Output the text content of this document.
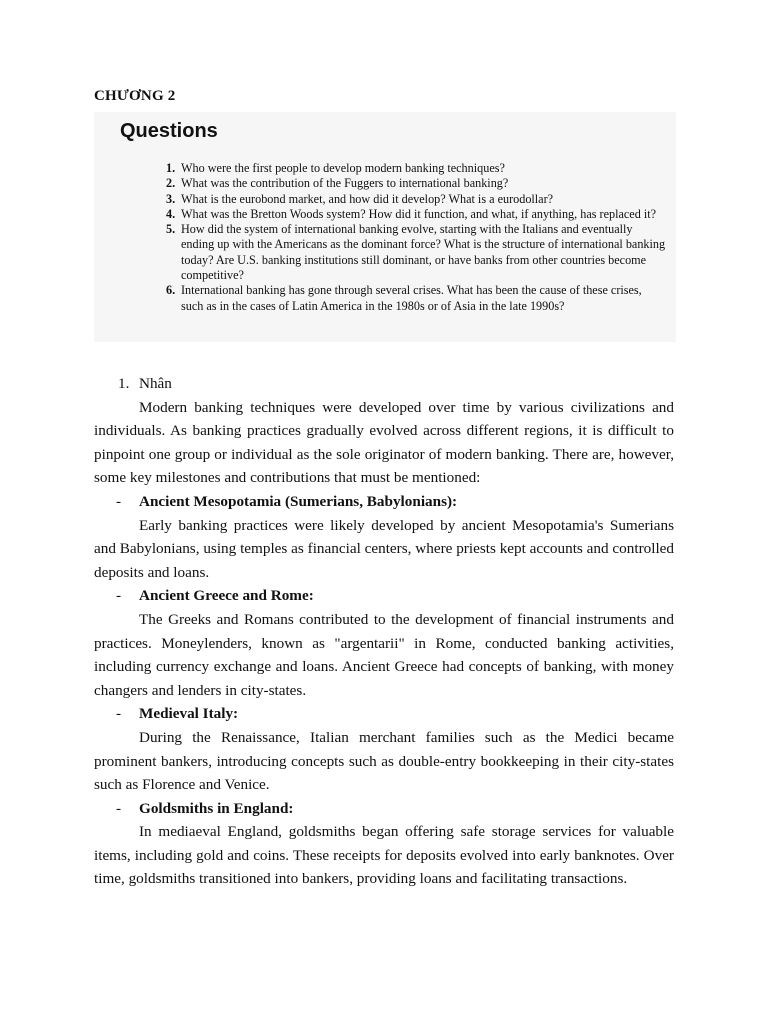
CHƯƠNG 2
Questions
1. Who were the first people to develop modern banking techniques?
2. What was the contribution of the Fuggers to international banking?
3. What is the eurobond market, and how did it develop? What is a eurodollar?
4. What was the Bretton Woods system? How did it function, and what, if anything, has replaced it?
5. How did the system of international banking evolve, starting with the Italians and eventually ending up with the Americans as the dominant force? What is the structure of international banking today? Are U.S. banking institutions still dominant, or have banks from other countries become competitive?
6. International banking has gone through several crises. What has been the cause of these crises, such as in the cases of Latin America in the 1980s or of Asia in the late 1990s?
1. Nhân

Modern banking techniques were developed over time by various civilizations and individuals. As banking practices gradually evolved across different regions, it is difficult to pinpoint one group or individual as the sole originator of modern banking. There are, however, some key milestones and contributions that must be mentioned:

- Ancient Mesopotamia (Sumerians, Babylonians):

Early banking practices were likely developed by ancient Mesopotamia's Sumerians and Babylonians, using temples as financial centers, where priests kept accounts and controlled deposits and loans.

- Ancient Greece and Rome:

The Greeks and Romans contributed to the development of financial instruments and practices. Moneylenders, known as "argentarii" in Rome, conducted banking activities, including currency exchange and loans. Ancient Greece had concepts of banking, with money changers and lenders in city-states.

- Medieval Italy:

During the Renaissance, Italian merchant families such as the Medici became prominent bankers, introducing concepts such as double-entry bookkeeping in their city-states such as Florence and Venice.

- Goldsmiths in England:

In mediaeval England, goldsmiths began offering safe storage services for valuable items, including gold and coins. These receipts for deposits evolved into early banknotes. Over time, goldsmiths transitioned into bankers, providing loans and facilitating transactions.
